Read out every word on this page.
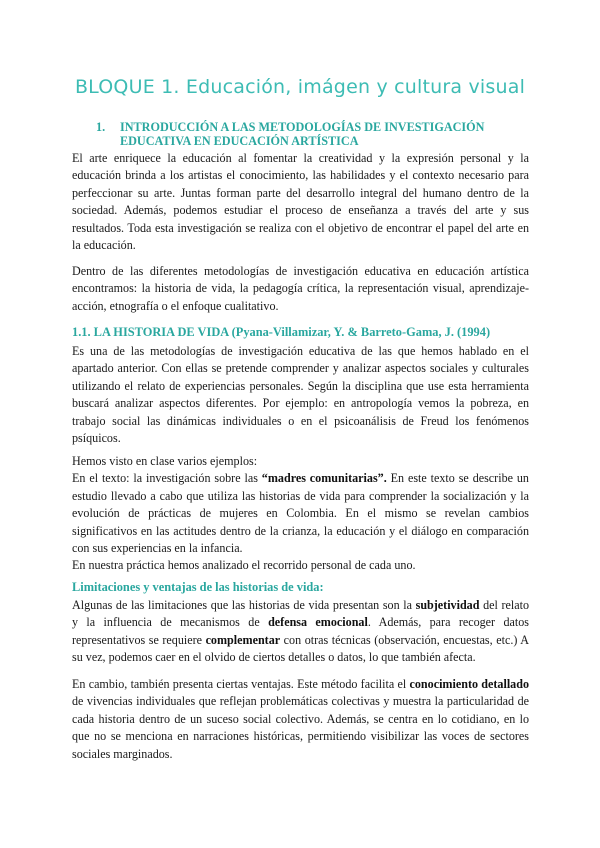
BLOQUE 1. Educación, imágen y cultura visual
1. INTRODUCCIÓN A LAS METODOLOGÍAS DE INVESTIGACIÓN
EDUCATIVA EN EDUCACIÓN ARTÍSTICA

El arte enriquece la educación al fomentar la creatividad y la expresión personal y la educación brinda a los artistas el conocimiento, las habilidades y el contexto necesario para perfeccionar su arte. Juntas forman parte del desarrollo integral del humano dentro de la sociedad. Además, podemos estudiar el proceso de enseñanza a través del arte y sus resultados. Toda esta investigación se realiza con el objetivo de encontrar el papel del arte en la educación.

Dentro de las diferentes metodologías de investigación educativa en educación artística encontramos: la historia de vida, la pedagogía crítica, la representación visual, aprendizaje-acción, etnografía o el enfoque cualitativo.

1.1. LA HISTORIA DE VIDA (Pyana-Villamizar, Y. & Barreto-Gama, J. (1994)

Es una de las metodologías de investigación educativa de las que hemos hablado en el apartado anterior. Con ellas se pretende comprender y analizar aspectos sociales y culturales utilizando el relato de experiencias personales. Según la disciplina que use esta herramienta buscará analizar aspectos diferentes. Por ejemplo: en antropología vemos la pobreza, en trabajo social las dinámicas individuales o en el psicoanálisis de Freud los fenómenos psíquicos.

Hemos visto en clase varios ejemplos:

En el texto: la investigación sobre las “madres comunitarias”. En este texto se describe un estudio llevado a cabo que utiliza las historias de vida para comprender la socialización y la evolución de prácticas de mujeres en Colombia. En el mismo se revelan cambios significativos en las actitudes dentro de la crianza, la educación y el diálogo en comparación con sus experiencias en la infancia.

En nuestra práctica hemos analizado el recorrido personal de cada uno.

Limitaciones y ventajas de las historias de vida:

Algunas de las limitaciones que las historias de vida presentan son la subjetividad del relato y la influencia de mecanismos de defensa emocional. Además, para recoger datos representativos se requiere complementar con otras técnicas (observación, encuestas, etc.) A su vez, podemos caer en el olvido de ciertos detalles o datos, lo que también afecta.

En cambio, también presenta ciertas ventajas. Este método facilita el conocimiento detallado de vivencias individuales que reflejan problemáticas colectivas y muestra la particularidad de cada historia dentro de un suceso social colectivo. Además, se centra en lo cotidiano, en lo que no se menciona en narraciones históricas, permitiendo visibilizar las voces de sectores sociales marginados.
